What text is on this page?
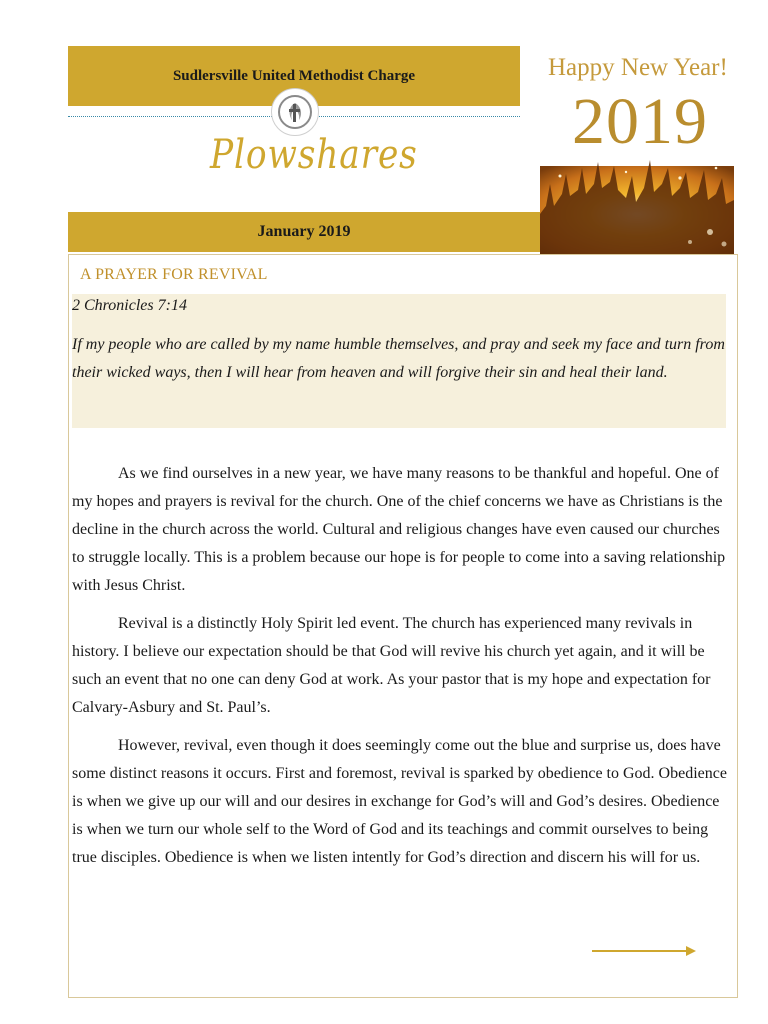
Sudlersville United Methodist Charge
Plowshares
January 2019
Happy New Year!
2019
A PRAYER FOR REVIVAL
2 Chronicles 7:14
If my people who are called by my name humble themselves, and pray and seek my face and turn from their wicked ways, then I will hear from heaven and will forgive their sin and heal their land.

As we find ourselves in a new year, we have many reasons to be thankful and hopeful. One of my hopes and prayers is revival for the church. One of the chief concerns we have as Christians is the decline in the church across the world. Cultural and religious changes have even caused our churches to struggle locally. This is a problem because our hope is for people to come into a saving relationship with Jesus Christ.

Revival is a distinctly Holy Spirit led event. The church has experienced many revivals in history. I believe our expectation should be that God will revive his church yet again, and it will be such an event that no one can deny God at work. As your pastor that is my hope and expectation for Calvary-Asbury and St. Paul’s.

However, revival, even though it does seemingly come out the blue and surprise us, does have some distinct reasons it occurs. First and foremost, revival is sparked by obedience to God. Obedience is when we give up our will and our desires in exchange for God’s will and God’s desires. Obedience is when we turn our whole self to the Word of God and its teachings and commit ourselves to being true disciples. Obedience is when we listen intently for God’s direction and discern his will for us.
